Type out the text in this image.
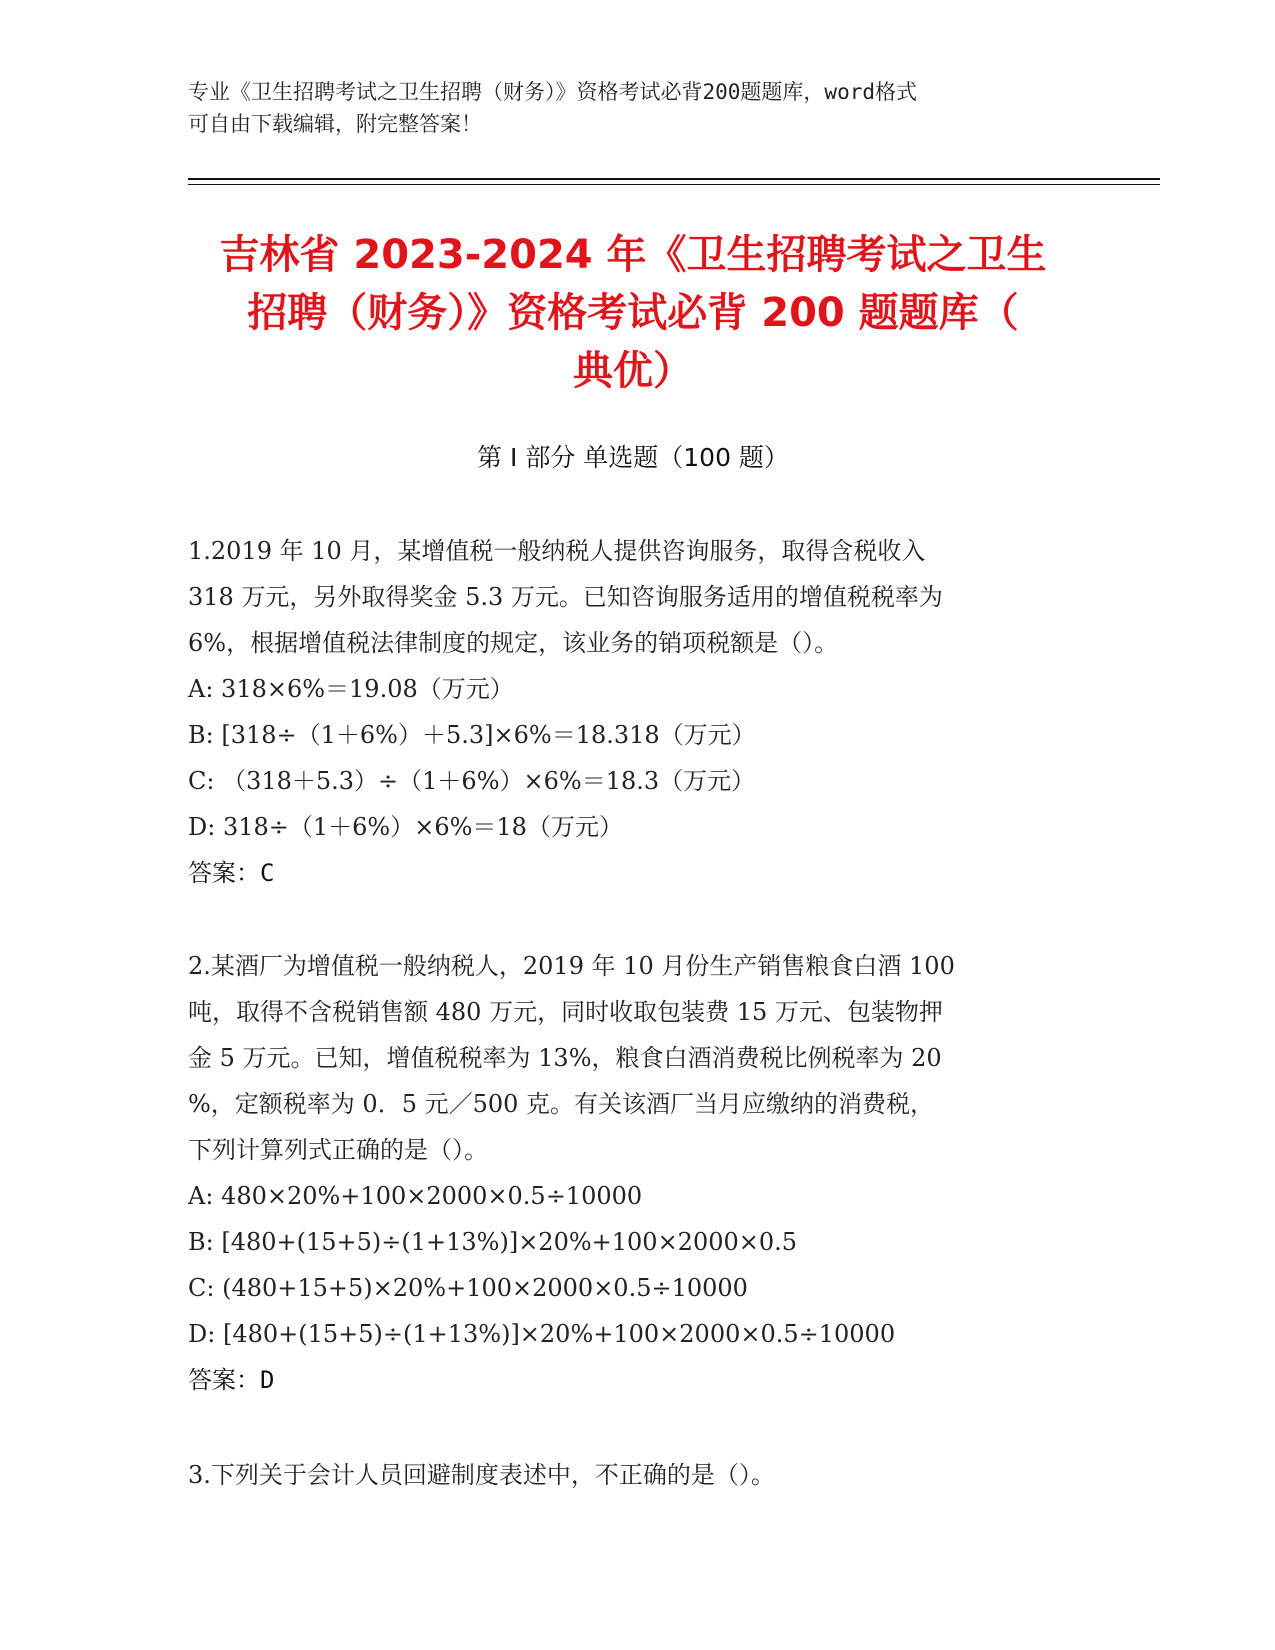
专业《卫生招聘考试之卫生招聘（财务）》资格考试必背200题题库，word格式
可自由下载编辑，附完整答案！
吉林省 2023-2024 年《卫生招聘考试之卫生
招聘（财务）》资格考试必背 200 题题库（
典优）
第 I 部分 单选题（100 题）
1.2019 年 10 月，某增值税一般纳税人提供咨询服务，取得含税收入
318 万元，另外取得奖金 5.3 万元。已知咨询服务适用的增值税税率为
6%，根据增值税法律制度的规定，该业务的销项税额是（）。
A: 318×6%＝19.08（万元）
B: [318÷（1＋6%）＋5.3]×6%＝18.318（万元）
C: （318＋5.3）÷（1＋6%）×6%＝18.3（万元）
D: 318÷（1＋6%）×6%＝18（万元）
答案：C
2.某酒厂为增值税一般纳税人，2019 年 10 月份生产销售粮食白酒 100
吨，取得不含税销售额 480 万元，同时收取包装费 15 万元、包装物押
金 5 万元。已知，增值税税率为 13%，粮食白酒消费税比例税率为 20
%，定额税率为 0．5 元／500 克。有关该酒厂当月应缴纳的消费税，
下列计算列式正确的是（）。
A: 480×20%+100×2000×0.5÷10000
B: [480+(15+5)÷(1+13%)]×20%+100×2000×0.5
C: (480+15+5)×20%+100×2000×0.5÷10000
D: [480+(15+5)÷(1+13%)]×20%+100×2000×0.5÷10000
答案：D
3.下列关于会计人员回避制度表述中，不正确的是（）。
